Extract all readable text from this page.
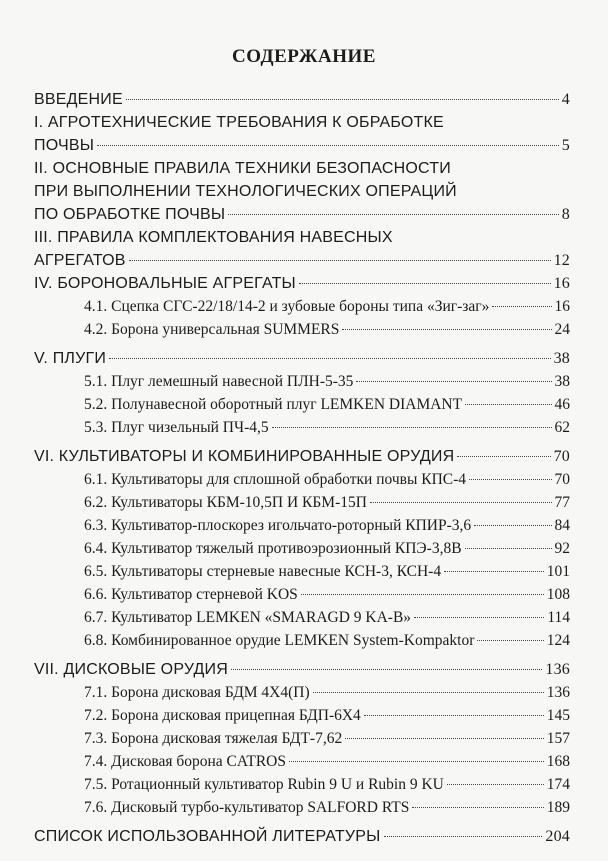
СОДЕРЖАНИЕ
ВВЕДЕНИЕ	4
I. АГРОТЕХНИЧЕСКИЕ ТРЕБОВАНИЯ К ОБРАБОТКЕ
ПОЧВЫ	5
II. ОСНОВНЫЕ ПРАВИЛА ТЕХНИКИ БЕЗОПАСНОСТИ
ПРИ ВЫПОЛНЕНИИ ТЕХНОЛОГИЧЕСКИХ ОПЕРАЦИЙ
ПО ОБРАБОТКЕ ПОЧВЫ	8
III. ПРАВИЛА КОМПЛЕКТОВАНИЯ НАВЕСНЫХ
АГРЕГАТОВ	12
IV. БОРОНОВАЛЬНЫЕ АГРЕГАТЫ	16
4.1. Сцепка СГС-22/18/14-2 и зубовые бороны типа «Зиг-заг»	16
4.2. Борона универсальная SUMMERS	24
V. ПЛУГИ	38
5.1. Плуг лемешный навесной ПЛН-5-35	38
5.2. Полунавесной оборотный плуг LEMKEN DIAMANT	46
5.3. Плуг чизельный ПЧ-4,5	62
VI. КУЛЬТИВАТОРЫ И КОМБИНИРОВАННЫЕ ОРУДИЯ	70
6.1. Культиваторы для сплошной обработки почвы КПС-4	70
6.2. Культиваторы КБМ-10,5П И КБМ-15П	77
6.3. Культиватор-плоскорез игольчато-роторный КПИР-3,6	84
6.4. Культиватор тяжелый противоэрозионный КПЭ-3,8В	92
6.5. Культиваторы стерневые навесные КСН-3, КСН-4	101
6.6. Культиватор стерневой KOS	108
6.7. Культиватор LEMKEN «SMARAGD 9 KA-B»	114
6.8. Комбинированное орудие LEMKEN System-Kompaktor	124
VII. ДИСКОВЫЕ ОРУДИЯ	136
7.1. Борона дисковая БДМ 4Х4(П)	136
7.2. Борона дисковая прицепная БДП-6Х4	145
7.3. Борона дисковая тяжелая БДТ-7,62	157
7.4. Дисковая борона CATROS	168
7.5. Ротационный культиватор Rubin 9 U и Rubin 9 KU	174
7.6. Дисковый турбо-культиватор SALFORD RTS	189
СПИСОК ИСПОЛЬЗОВАННОЙ ЛИТЕРАТУРЫ	204
